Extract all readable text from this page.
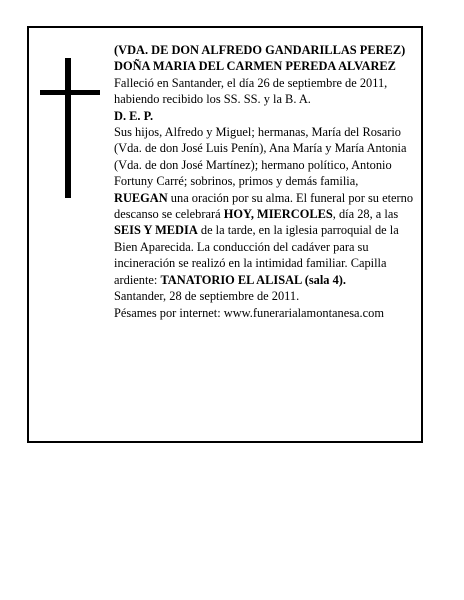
(VDA. DE DON ALFREDO GANDARILLAS PEREZ)

DOÑA MARIA DEL CARMEN PEREDA ALVAREZ

Falleció en Santander, el día 26 de septiembre de 2011, habiendo recibido los SS. SS. y la B. A.

D. E. P.

Sus hijos, Alfredo y Miguel; hermanas, María del Rosario (Vda. de don José Luis Penín), Ana María y María Antonia (Vda. de don José Martínez); hermano político, Antonio Fortuny Carré; sobrinos, primos y demás familia,

RUEGAN una oración por su alma. El funeral por su eterno descanso se celebrará HOY, MIERCOLES, día 28, a las SEIS Y MEDIA de la tarde, en la iglesia parroquial de la Bien Aparecida. La conducción del cadáver para su incineración se realizó en la intimidad familiar. Capilla ardiente: TANATORIO EL ALISAL (sala 4).

Santander, 28 de septiembre de 2011.

Pésames por internet: www.funerarialamontanesa.com
